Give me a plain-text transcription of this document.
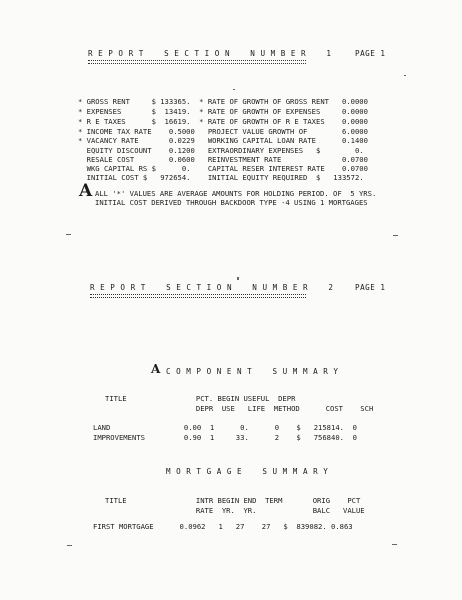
R E P O R T    S E C T I O N    N U M B E R    1	PAGE 1
* GROSS RENT     $ 133365.  * RATE OF GROWTH OF GROSS RENT   0.0000
* EXPENSES       $  13419.  * RATE OF GROWTH OF EXPENSES     0.0000
* R E TAXES      $  16619.  * RATE OF GROWTH OF R E TAXES    0.0000
* INCOME TAX RATE    0.5000   PROJECT VALUE GROWTH OF        6.0000
* VACANCY RATE       0.0229   WORKING CAPITAL LOAN RATE      0.1400
EQUITY DISCOUNT    0.1200   EXTRAORDINARY EXPENSES   $        0.
RESALE COST        0.0600   REINVESTMENT RATE              0.0700
WKG CAPITAL RS $      0.    CAPITAL RESER INTEREST RATE    0.0700
INITIAL COST $   972654.    INITIAL EQUITY REQUIRED  $   133572.
A ALL '*' VALUES ARE AVERAGE AMOUNTS FOR HOLDING PERIOD. OF  5 YRS.
INITIAL COST DERIVED THROUGH BACKDOOR TYPE -4 USING 1 MORTGAGES
R E P O R T    S E C T I O N    N U M B E R    2	PAGE 1
A C O M P O N E N T    S U M M A R Y
TITLE                PCT. BEGIN USEFUL  DEPR
DEPR  USE   LIFE  METHOD      COST    SCH
LAND                 0.00  1      0.      0    $   215814.  0
IMPROVEMENTS         0.90  1     33.      2    $   756840.  0
M O R T G A G E    S U M M A R Y
TITLE                INTR BEGIN END  TERM       ORIG    PCT
RATE  YR.  YR.             BALC   VALUE
FIRST MORTGAGE      0.0962   1   27    27   $  839082. 0.863
